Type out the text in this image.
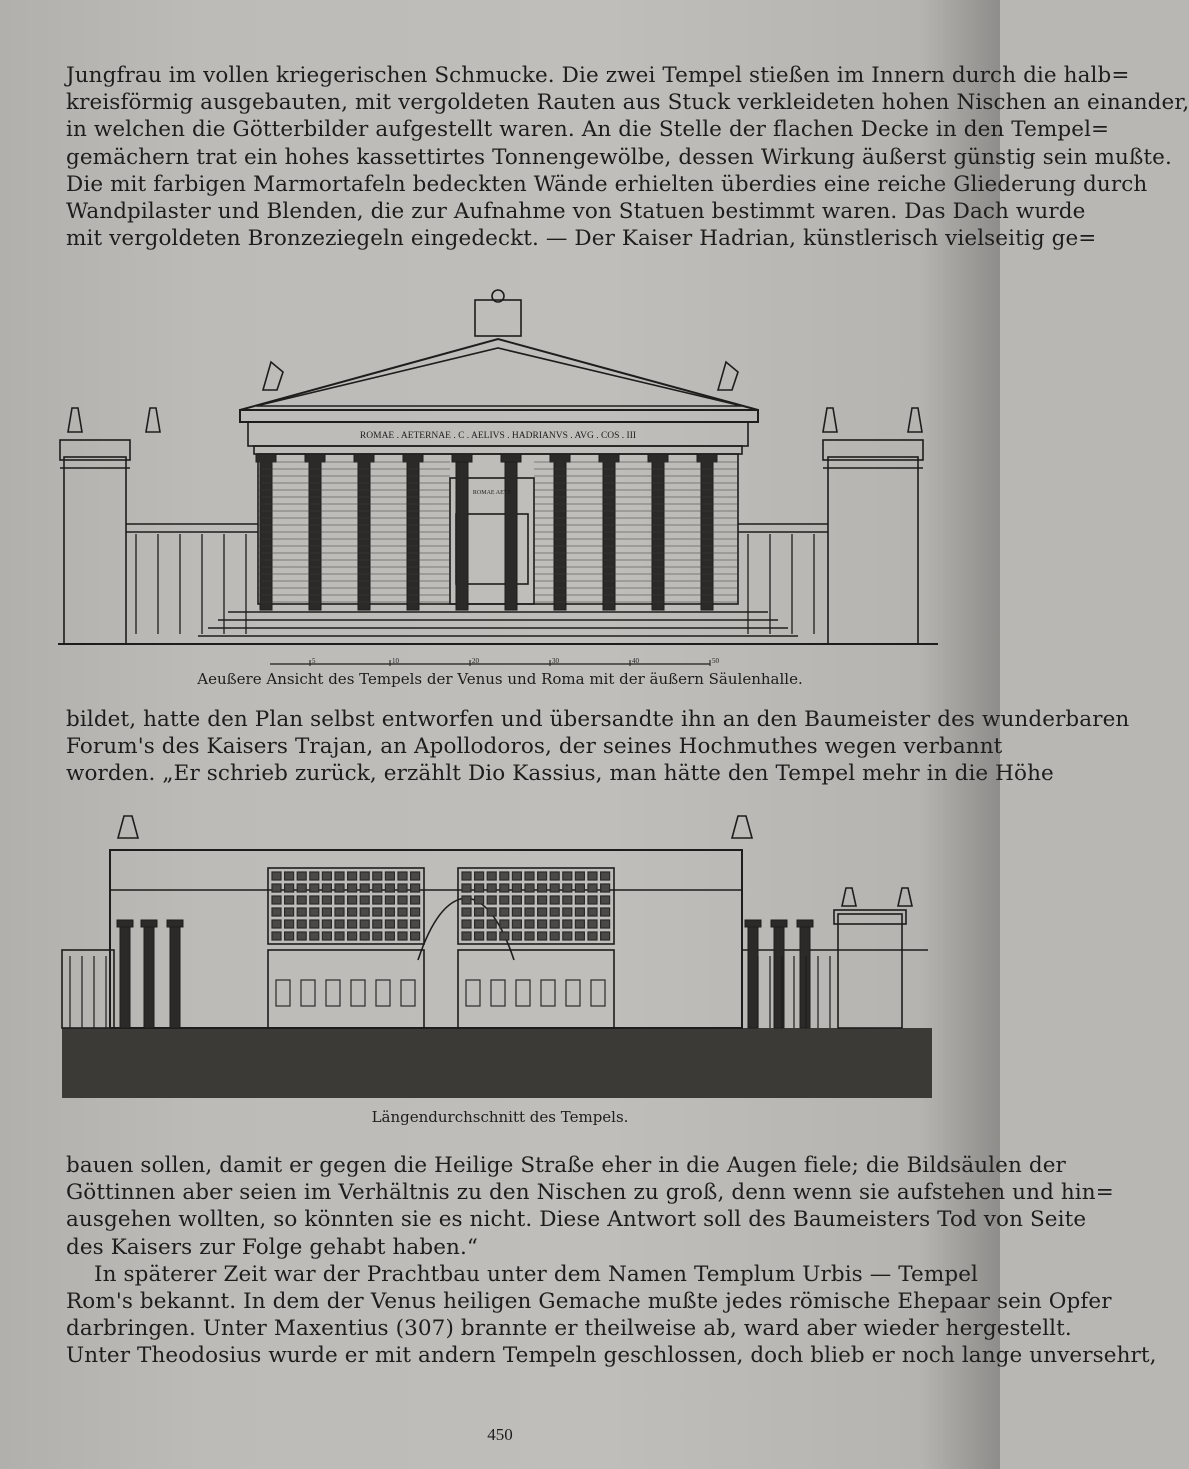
Jungfrau im vollen kriegerischen Schmucke. Die zwei Tempel stießen im Innern durch die halb=
kreisförmig ausgebauten, mit vergoldeten Rauten aus Stuck verkleideten hohen Nischen an einander,
in welchen die Götterbilder aufgestellt waren. An die Stelle der flachen Decke in den Tempel=
gemächern trat ein hohes kassettirtes Tonnengewölbe, dessen Wirkung äußerst günstig sein mußte.
Die mit farbigen Marmortafeln bedeckten Wände erhielten überdies eine reiche Gliederung durch
Wandpilaster und Blenden, die zur Aufnahme von Statuen bestimmt waren. Das Dach wurde
mit vergoldeten Bronzeziegeln eingedeckt. — Der Kaiser Hadrian, künstlerisch vielseitig ge=
ROMAE . AETERNAE . C . AELIVS . HADRIANVS . AVG . COS . III
ROMAE AETE
5	10	20	30	40	50
Aeußere Ansicht des Tempels der Venus und Roma mit der äußern Säulenhalle.
bildet, hatte den Plan selbst entworfen und übersandte ihn an den Baumeister des wunderbaren
Forum's des Kaisers Trajan, an Apollodoros, der seines Hochmuthes wegen verbannt
worden. „Er schrieb zurück, erzählt Dio Kassius, man hätte den Tempel mehr in die Höhe
Längendurchschnitt des Tempels.
bauen sollen, damit er gegen die Heilige Straße eher in die Augen fiele; die Bildsäulen der
Göttinnen aber seien im Verhältnis zu den Nischen zu groß, denn wenn sie aufstehen und hin=
ausgehen wollten, so könnten sie es nicht. Diese Antwort soll des Baumeisters Tod von Seite
des Kaisers zur Folge gehabt haben.“
In späterer Zeit war der Prachtbau unter dem Namen Templum Urbis — Tempel
Rom's bekannt. In dem der Venus heiligen Gemache mußte jedes römische Ehepaar sein Opfer
darbringen. Unter Maxentius (307) brannte er theilweise ab, ward aber wieder hergestellt.
Unter Theodosius wurde er mit andern Tempeln geschlossen, doch blieb er noch lange unversehrt,
450
